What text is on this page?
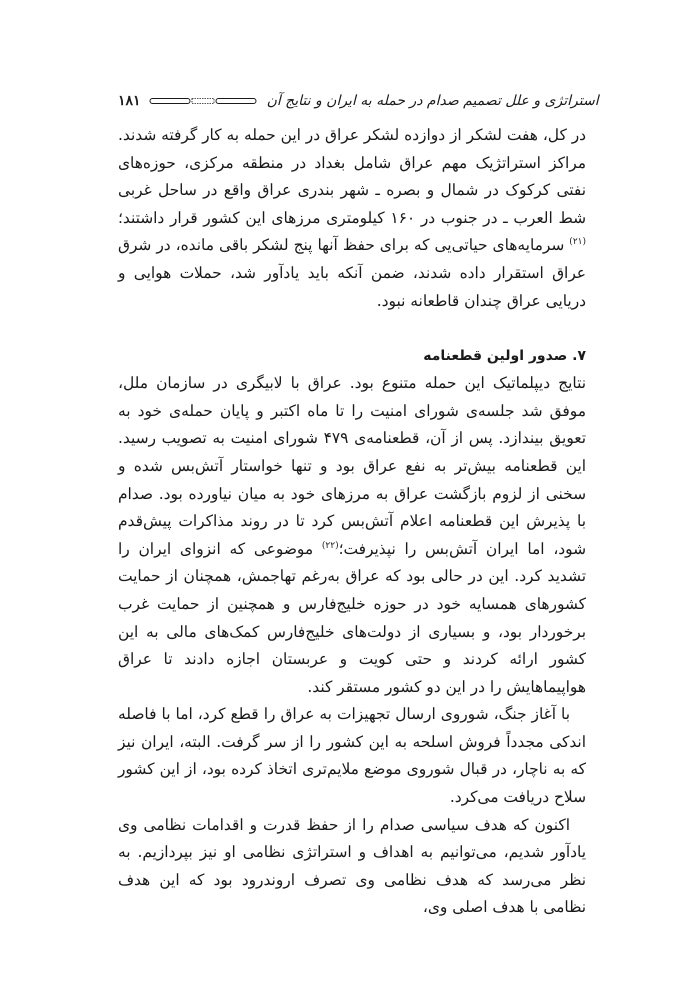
۱۸۱	استراتژی و علل تصمیم صدام در حمله به ایران و نتایج آن

در کل، هفت لشکر از دوازده لشکر عراق در این حمله به کار گرفته شدند. مراکز استراتژیک مهم عراق شامل بغداد در منطقه مرکزی، حوزه‌های نفتی کرکوک در شمال و بصره ـ شهر بندری عراق واقع در ساحل غربی شط العرب ـ در جنوب در ۱۶۰ کیلومتری مرزهای این کشور قرار داشتند؛$^{(۲۱)}$ سرمایه‌های حیاتی‌یی که برای حفظ آنها پنج لشکر باقی مانده، در شرق عراق استقرار داده شدند، ضمن آنکه باید یادآور شد، حملات هوایی و دریایی عراق چندان قاطعانه نبود.

۷. صدور اولین قطعنامه

نتایج دیپلماتیک این حمله متنوع بود. عراق با لابیگری در سازمان ملل، موفق شد جلسه‌ی شورای امنیت را تا ماه اکتبر و پایان حمله‌ی خود به تعویق بیندازد. پس از آن، قطعنامه‌ی ۴۷۹ شورای امنیت به تصویب رسید. این قطعنامه بیش‌تر به نفع عراق بود و تنها خواستار آتش‌بس شده و سخنی از لزوم بازگشت عراق به مرزهای خود به میان نیاورده بود. صدام با پذیرش این قطعنامه اعلام آتش‌بس کرد تا در روند مذاکرات پیش‌قدم شود، اما ایران آتش‌بس را نپذیرفت؛$^{(۲۲)}$ موضوعی که انزوای ایران را تشدید کرد. این در حالی بود که عراق به‌رغم تهاجمش، همچنان از حمایت کشورهای همسایه خود در حوزه خلیج‌فارس و همچنین از حمایت غرب برخوردار بود، و بسیاری از دولت‌های خلیج‌فارس کمک‌های مالی به این کشور ارائه کردند و حتی کویت و عربستان اجازه دادند تا عراق هواپیماهایش را در این دو کشور مستقر کند.

با آغاز جنگ، شوروی ارسال تجهیزات به عراق را قطع کرد، اما با فاصله اندکی مجدداً فروش اسلحه به این کشور را از سر گرفت. البته، ایران نیز که به ناچار، در قبال شوروی موضع ملایم‌تری اتخاذ کرده بود، از این کشور سلاح دریافت می‌کرد.

اکنون که هدف سیاسی صدام را از حفظ قدرت و اقدامات نظامی وی یادآور شدیم، می‌توانیم به اهداف و استراتژی نظامی او نیز بپردازیم. به نظر می‌رسد که هدف نظامی وی تصرف اروندرود بود که این هدف نظامی با هدف اصلی وی،
